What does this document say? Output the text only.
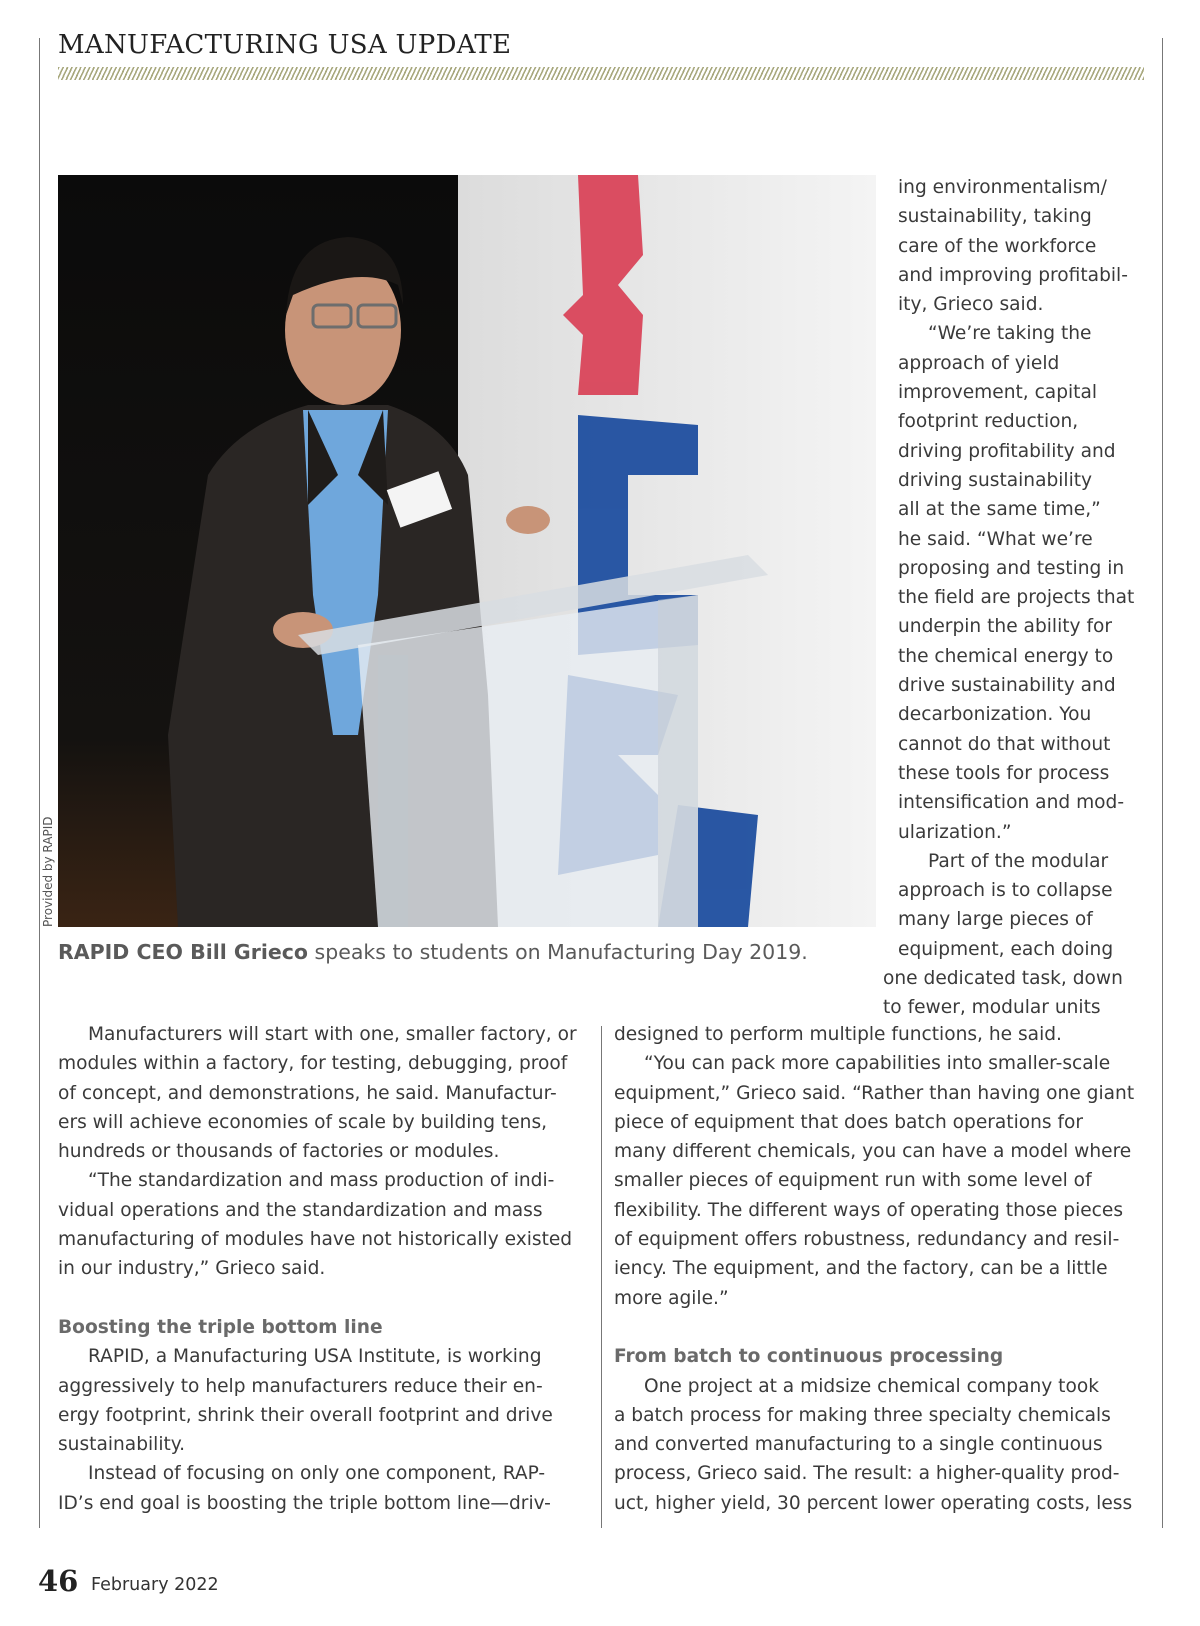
MANUFACTURING USA UPDATE
Provided by RAPID
RAPID CEO Bill Grieco speaks to students on Manufacturing Day 2019.
ing environmentalism/
sustainability, taking
care of the workforce
and improving profitabil-
ity, Grieco said.
“We’re taking the
approach of yield
improvement, capital
footprint reduction,
driving profitability and
driving sustainability
all at the same time,”
he said. “What we’re
proposing and testing in
the field are projects that
underpin the ability for
the chemical energy to
drive sustainability and
decarbonization. You
cannot do that without
these tools for process
intensification and mod-
ularization.”
Part of the modular
approach is to collapse
many large pieces of
equipment, each doing
one dedicated task, down
to fewer, modular units
Manufacturers will start with one, smaller factory, or
modules within a factory, for testing, debugging, proof
of concept, and demonstrations, he said. Manufactur-
ers will achieve economies of scale by building tens,
hundreds or thousands of factories or modules.
“The standardization and mass production of indi-
vidual operations and the standardization and mass
manufacturing of modules have not historically existed
in our industry,” Grieco said.
Boosting the triple bottom line
RAPID, a Manufacturing USA Institute, is working
aggressively to help manufacturers reduce their en-
ergy footprint, shrink their overall footprint and drive
sustainability.
Instead of focusing on only one component, RAP-
ID’s end goal is boosting the triple bottom line—driv-
designed to perform multiple functions, he said.
“You can pack more capabilities into smaller-scale
equipment,” Grieco said. “Rather than having one giant
piece of equipment that does batch operations for
many different chemicals, you can have a model where
smaller pieces of equipment run with some level of
flexibility. The different ways of operating those pieces
of equipment offers robustness, redundancy and resil-
iency. The equipment, and the factory, can be a little
more agile.”
From batch to continuous processing
One project at a midsize chemical company took
a batch process for making three specialty chemicals
and converted manufacturing to a single continuous
process, Grieco said. The result: a higher-quality prod-
uct, higher yield, 30 percent lower operating costs, less
46 February 2022
